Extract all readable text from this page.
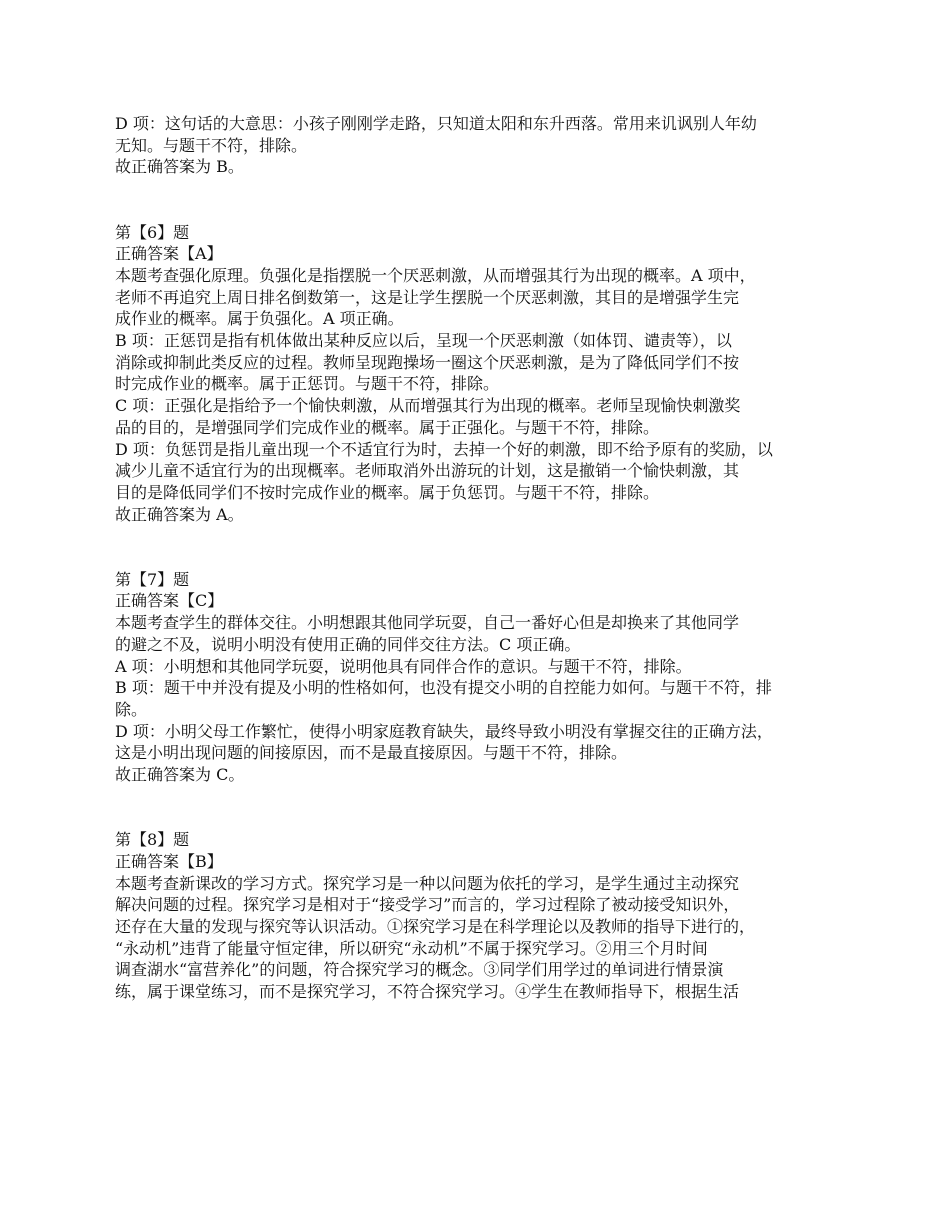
D 项：这句话的大意思：小孩子刚刚学走路，只知道太阳和东升西落。常用来讥讽别人年幼
无知。与题干不符，排除。
故正确答案为 B。
第【6】题
正确答案【A】
本题考查强化原理。负强化是指摆脱一个厌恶刺激，从而增强其行为出现的概率。A 项中，
老师不再追究上周日排名倒数第一，这是让学生摆脱一个厌恶刺激，其目的是增强学生完
成作业的概率。属于负强化。A 项正确。
B 项：正惩罚是指有机体做出某种反应以后，呈现一个厌恶刺激（如体罚、谴责等），以
消除或抑制此类反应的过程。教师呈现跑操场一圈这个厌恶刺激，是为了降低同学们不按
时完成作业的概率。属于正惩罚。与题干不符，排除。
C 项：正强化是指给予一个愉快刺激，从而增强其行为出现的概率。老师呈现愉快刺激奖
品的目的，是增强同学们完成作业的概率。属于正强化。与题干不符，排除。
D 项：负惩罚是指儿童出现一个不适宜行为时，去掉一个好的刺激，即不给予原有的奖励，以
减少儿童不适宜行为的出现概率。老师取消外出游玩的计划，这是撤销一个愉快刺激，其
目的是降低同学们不按时完成作业的概率。属于负惩罚。与题干不符，排除。
故正确答案为 A。
第【7】题
正确答案【C】
本题考查学生的群体交往。小明想跟其他同学玩耍，自己一番好心但是却换来了其他同学
的避之不及，说明小明没有使用正确的同伴交往方法。C 项正确。
A 项：小明想和其他同学玩耍，说明他具有同伴合作的意识。与题干不符，排除。
B 项：题干中并没有提及小明的性格如何，也没有提交小明的自控能力如何。与题干不符，排
除。
D 项：小明父母工作繁忙，使得小明家庭教育缺失，最终导致小明没有掌握交往的正确方法，
这是小明出现问题的间接原因，而不是最直接原因。与题干不符，排除。
故正确答案为 C。
第【8】题
正确答案【B】
本题考查新课改的学习方式。探究学习是一种以问题为依托的学习，是学生通过主动探究
解决问题的过程。探究学习是相对于“接受学习”而言的，学习过程除了被动接受知识外，
还存在大量的发现与探究等认识活动。①探究学习是在科学理论以及教师的指导下进行的，
“永动机”违背了能量守恒定律，所以研究“永动机”不属于探究学习。②用三个月时间
调查湖水“富营养化”的问题，符合探究学习的概念。③同学们用学过的单词进行情景演
练，属于课堂练习，而不是探究学习，不符合探究学习。④学生在教师指导下，根据生活
